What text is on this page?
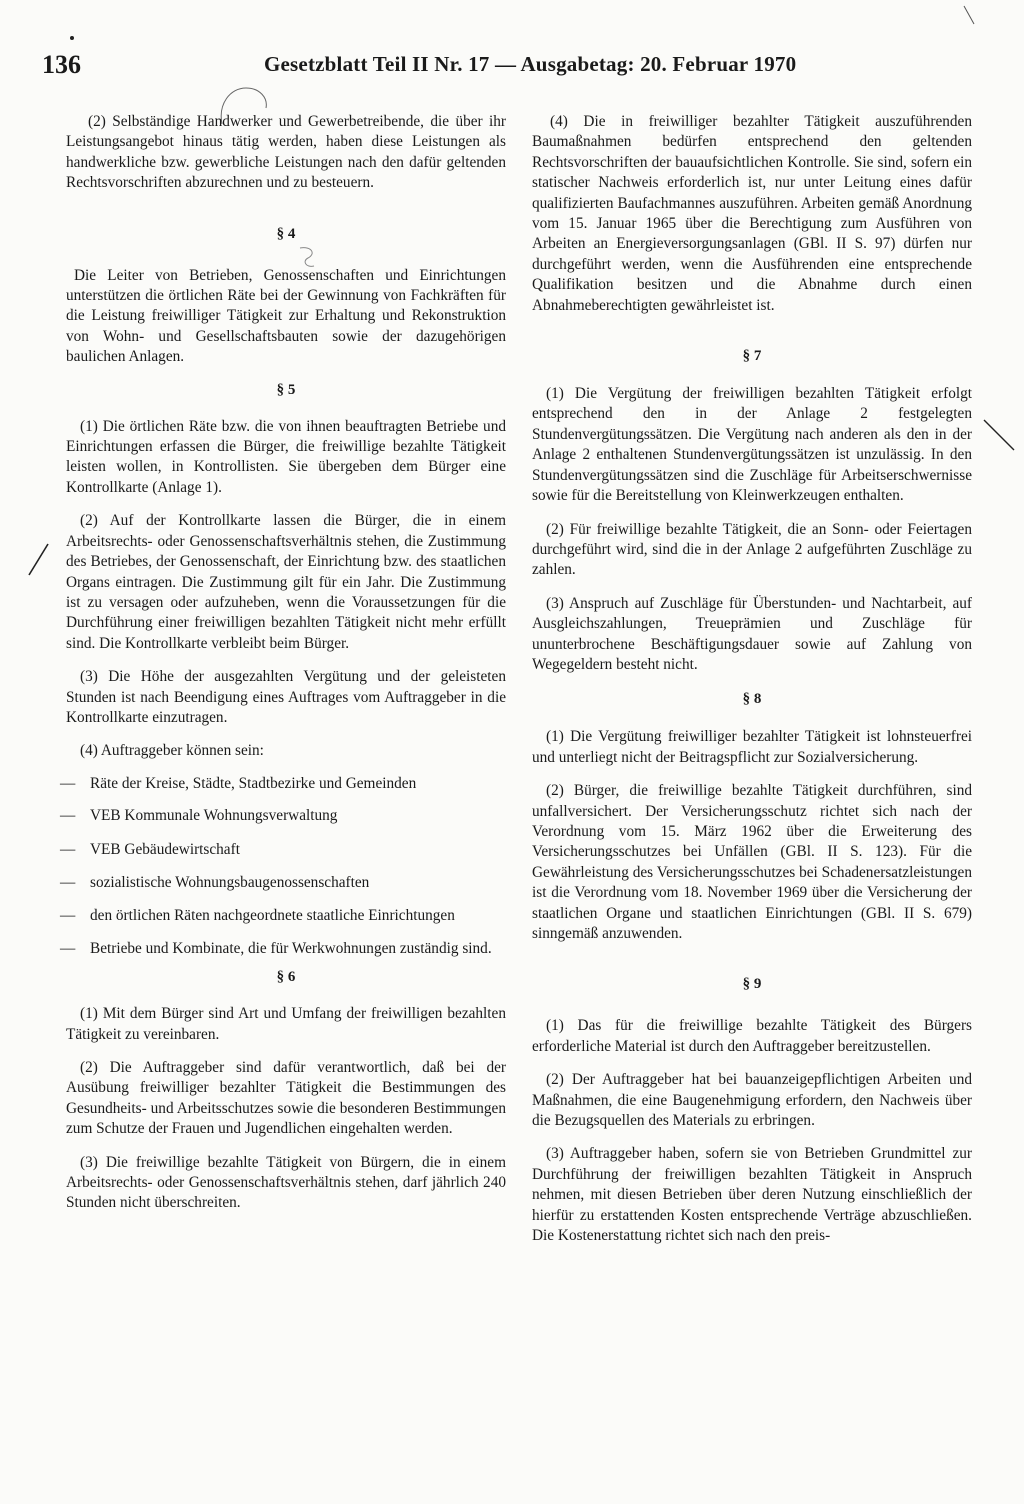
136	Gesetzblatt Teil II Nr. 17 — Ausgabetag: 20. Februar 1970

(2) Selbständige Handwerker und Gewerbetreibende, die über ihr Leistungsangebot hinaus tätig werden, haben diese Leistungen als handwerkliche bzw. gewerbliche Leistungen nach den dafür geltenden Rechtsvorschriften abzurechnen und zu besteuern.

§ 4

Die Leiter von Betrieben, Genossenschaften und Einrichtungen unterstützen die örtlichen Räte bei der Gewinnung von Fachkräften für die Leistung freiwilliger Tätigkeit zur Erhaltung und Rekonstruktion von Wohn- und Gesellschaftsbauten sowie der dazugehörigen baulichen Anlagen.

§ 5

(1) Die örtlichen Räte bzw. die von ihnen beauftragten Betriebe und Einrichtungen erfassen die Bürger, die freiwillige bezahlte Tätigkeit leisten wollen, in Kontrollisten. Sie übergeben dem Bürger eine Kontrollkarte (Anlage 1).

(2) Auf der Kontrollkarte lassen die Bürger, die in einem Arbeitsrechts- oder Genossenschaftsverhältnis stehen, die Zustimmung des Betriebes, der Genossenschaft, der Einrichtung bzw. des staatlichen Organs eintragen. Die Zustimmung gilt für ein Jahr. Die Zustimmung ist zu versagen oder aufzuheben, wenn die Voraussetzungen für die Durchführung einer freiwilligen bezahlten Tätigkeit nicht mehr erfüllt sind. Die Kontrollkarte verbleibt beim Bürger.

(3) Die Höhe der ausgezahlten Vergütung und der geleisteten Stunden ist nach Beendigung eines Auftrages vom Auftraggeber in die Kontrollkarte einzutragen.

(4) Auftraggeber können sein:

— Räte der Kreise, Städte, Stadtbezirke und Gemeinden
— VEB Kommunale Wohnungsverwaltung
— VEB Gebäudewirtschaft
— sozialistische Wohnungsbaugenossenschaften
— den örtlichen Räten nachgeordnete staatliche Einrichtungen
— Betriebe und Kombinate, die für Werkwohnungen zuständig sind.
§ 6

(1) Mit dem Bürger sind Art und Umfang der freiwilligen bezahlten Tätigkeit zu vereinbaren.

(2) Die Auftraggeber sind dafür verantwortlich, daß bei der Ausübung freiwilliger bezahlter Tätigkeit die Bestimmungen des Gesundheits- und Arbeitsschutzes sowie die besonderen Bestimmungen zum Schutze der Frauen und Jugendlichen eingehalten werden.

(3) Die freiwillige bezahlte Tätigkeit von Bürgern, die in einem Arbeitsrechts- oder Genossenschaftsverhältnis stehen, darf jährlich 240 Stunden nicht überschreiten.

(4) Die in freiwilliger bezahlter Tätigkeit auszuführenden Baumaßnahmen bedürfen entsprechend den geltenden Rechtsvorschriften der bauaufsichtlichen Kontrolle. Sie sind, sofern ein statischer Nachweis erforderlich ist, nur unter Leitung eines dafür qualifizierten Baufachmannes auszuführen. Arbeiten gemäß Anordnung vom 15. Januar 1965 über die Berechtigung zum Ausführen von Arbeiten an Energieversorgungsanlagen (GBl. II S. 97) dürfen nur durchgeführt werden, wenn die Ausführenden eine entsprechende Qualifikation besitzen und die Abnahme durch einen Abnahmeberechtigten gewährleistet ist.

§ 7

(1) Die Vergütung der freiwilligen bezahlten Tätigkeit erfolgt entsprechend den in der Anlage 2 festgelegten Stundenvergütungssätzen. Die Vergütung nach anderen als den in der Anlage 2 enthaltenen Stundenvergütungssätzen ist unzulässig. In den Stundenvergütungssätzen sind die Zuschläge für Arbeitserschwernisse sowie für die Bereitstellung von Kleinwerkzeugen enthalten.

(2) Für freiwillige bezahlte Tätigkeit, die an Sonn- oder Feiertagen durchgeführt wird, sind die in der Anlage 2 aufgeführten Zuschläge zu zahlen.

(3) Anspruch auf Zuschläge für Überstunden- und Nachtarbeit, auf Ausgleichszahlungen, Treueprämien und Zuschläge für ununterbrochene Beschäftigungsdauer sowie auf Zahlung von Wegegeldern besteht nicht.

§ 8

(1) Die Vergütung freiwilliger bezahlter Tätigkeit ist lohnsteuerfrei und unterliegt nicht der Beitragspflicht zur Sozialversicherung.

(2) Bürger, die freiwillige bezahlte Tätigkeit durchführen, sind unfallversichert. Der Versicherungsschutz richtet sich nach der Verordnung vom 15. März 1962 über die Erweiterung des Versicherungsschutzes bei Unfällen (GBl. II S. 123). Für die Gewährleistung des Versicherungsschutzes bei Schadenersatzleistungen ist die Verordnung vom 18. November 1969 über die Versicherung der staatlichen Organe und staatlichen Einrichtungen (GBl. II S. 679) sinngemäß anzuwenden.

§ 9

(1) Das für die freiwillige bezahlte Tätigkeit des Bürgers erforderliche Material ist durch den Auftraggeber bereitzustellen.

(2) Der Auftraggeber hat bei bauanzeigepflichtigen Arbeiten und Maßnahmen, die eine Baugenehmigung erfordern, den Nachweis über die Bezugsquellen des Materials zu erbringen.

(3) Auftraggeber haben, sofern sie von Betrieben Grundmittel zur Durchführung der freiwilligen bezahlten Tätigkeit in Anspruch nehmen, mit diesen Betrieben über deren Nutzung einschließlich der hierfür zu erstattenden Kosten entsprechende Verträge abzuschließen. Die Kostenerstattung richtet sich nach den preis-
